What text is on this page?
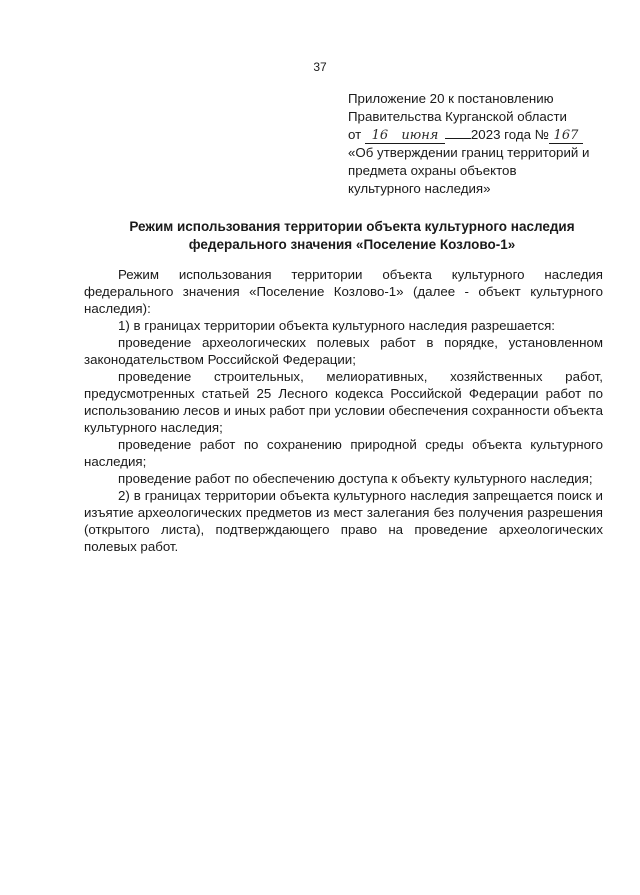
37
Приложение 20 к постановлению
Правительства Курганской области
от 16 июня 2023 года № 167
«Об утверждении границ территорий и
предмета охраны объектов
культурного наследия»
Режим использования территории объекта культурного наследия
федерального значения «Поселение Козлово-1»

Режим использования территории объекта культурного наследия федерального значения «Поселение Козлово-1» (далее - объект культурного наследия):

1) в границах территории объекта культурного наследия разрешается:

проведение археологических полевых работ в порядке, установленном законодательством Российской Федерации;

проведение строительных, мелиоративных, хозяйственных работ, предусмотренных статьей 25 Лесного кодекса Российской Федерации работ по использованию лесов и иных работ при условии обеспечения сохранности объекта культурного наследия;

проведение работ по сохранению природной среды объекта культурного наследия;

проведение работ по обеспечению доступа к объекту культурного наследия;

2) в границах территории объекта культурного наследия запрещается поиск и изъятие археологических предметов из мест залегания без получения разрешения (открытого листа), подтверждающего право на проведение археологических полевых работ.
